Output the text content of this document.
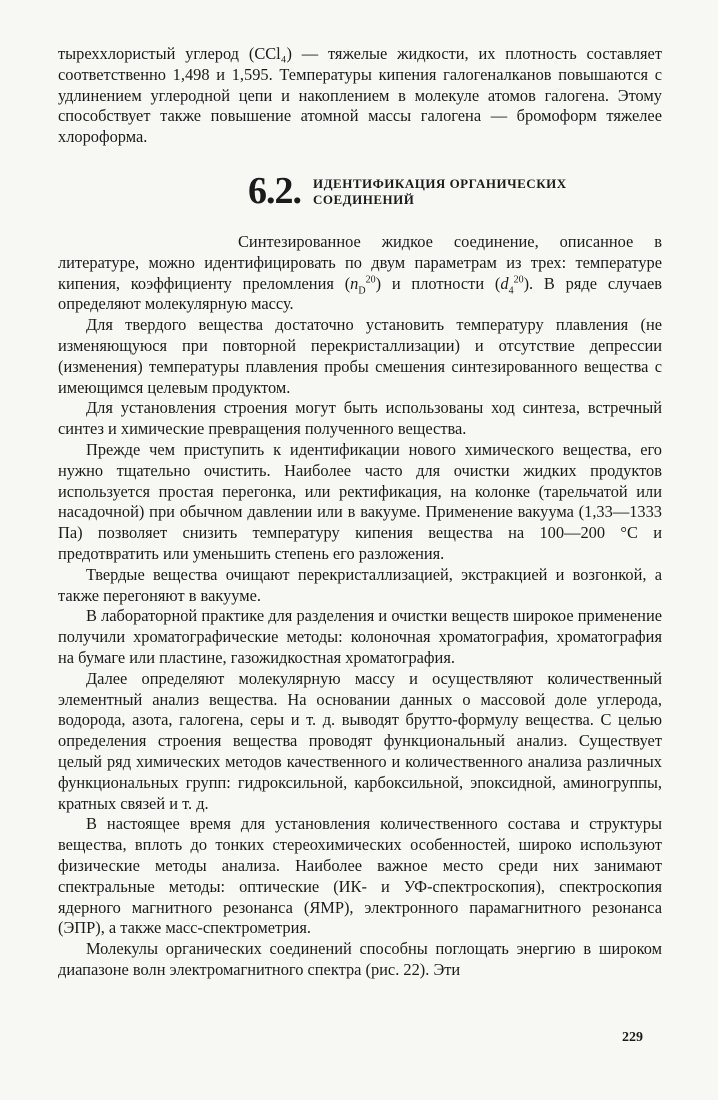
тырехxлористый углерод (CCl₄) — тяжелые жидкости, их плотность составляет соответственно 1,498 и 1,595. Температуры кипения галогеналканов повышаются с удлинением углеродной цепи и накоплением в молекуле атомов галогена. Этому способствует также повышение атомной массы галогена — бромоформ тяжелее хлороформа.

6.2. ИДЕНТИФИКАЦИЯ ОРГАНИЧЕСКИХ СОЕДИНЕНИЙ

Синтезированное жидкое соединение, описанное в литературе, можно идентифицировать по двум параметрам из трех: температуре кипения, коэффициенту преломления $(n_D^{20})$ и плотности $(d_4^{20})$. В ряде случаев определяют молекулярную массу.

Для твердого вещества достаточно установить температуру плавления (не изменяющуюся при повторной перекристаллизации) и отсутствие депрессии (изменения) температуры плавления пробы смешения синтезированного вещества с имеющимся целевым продуктом.

Для установления строения могут быть использованы ход синтеза, встречный синтез и химические превращения полученного вещества.

Прежде чем приступить к идентификации нового химического вещества, его нужно тщательно очистить. Наиболее часто для очистки жидких продуктов используется простая перегонка, или ректификация, на колонке (тарельчатой или насадочной) при обычном давлении или в вакууме. Применение вакуума (1,33—1333 Па) позволяет снизить температуру кипения вещества на 100—200 °С и предотвратить или уменьшить степень его разложения.

Твердые вещества очищают перекристаллизацией, экстракцией и возгонкой, а также перегоняют в вакууме.

В лабораторной практике для разделения и очистки веществ широкое применение получили хроматографические методы: колоночная хроматография, хроматография на бумаге или пластине, газожидкостная хроматография.

Далее определяют молекулярную массу и осуществляют количественный элементный анализ вещества. На основании данных о массовой доле углерода, водорода, азота, галогена, серы и т. д. выводят брутто-формулу вещества. С целью определения строения вещества проводят функциональный анализ. Существует целый ряд химических методов качественного и количественного анализа различных функциональных групп: гидроксильной, карбоксильной, эпоксидной, аминогруппы, кратных связей и т. д.

В настоящее время для установления количественного состава и структуры вещества, вплоть до тонких стереохимических особенностей, широко используют физические методы анализа. Наиболее важное место среди них занимают спектральные методы: оптические (ИК- и УФ-спектроскопия), спектроскопия ядерного магнитного резонанса (ЯМР), электронного парамагнитного резонанса (ЭПР), а также масс-спектрометрия.

Молекулы органических соединений способны поглощать энергию в широком диапазоне волн электромагнитного спектра (рис. 22). Эти

229
